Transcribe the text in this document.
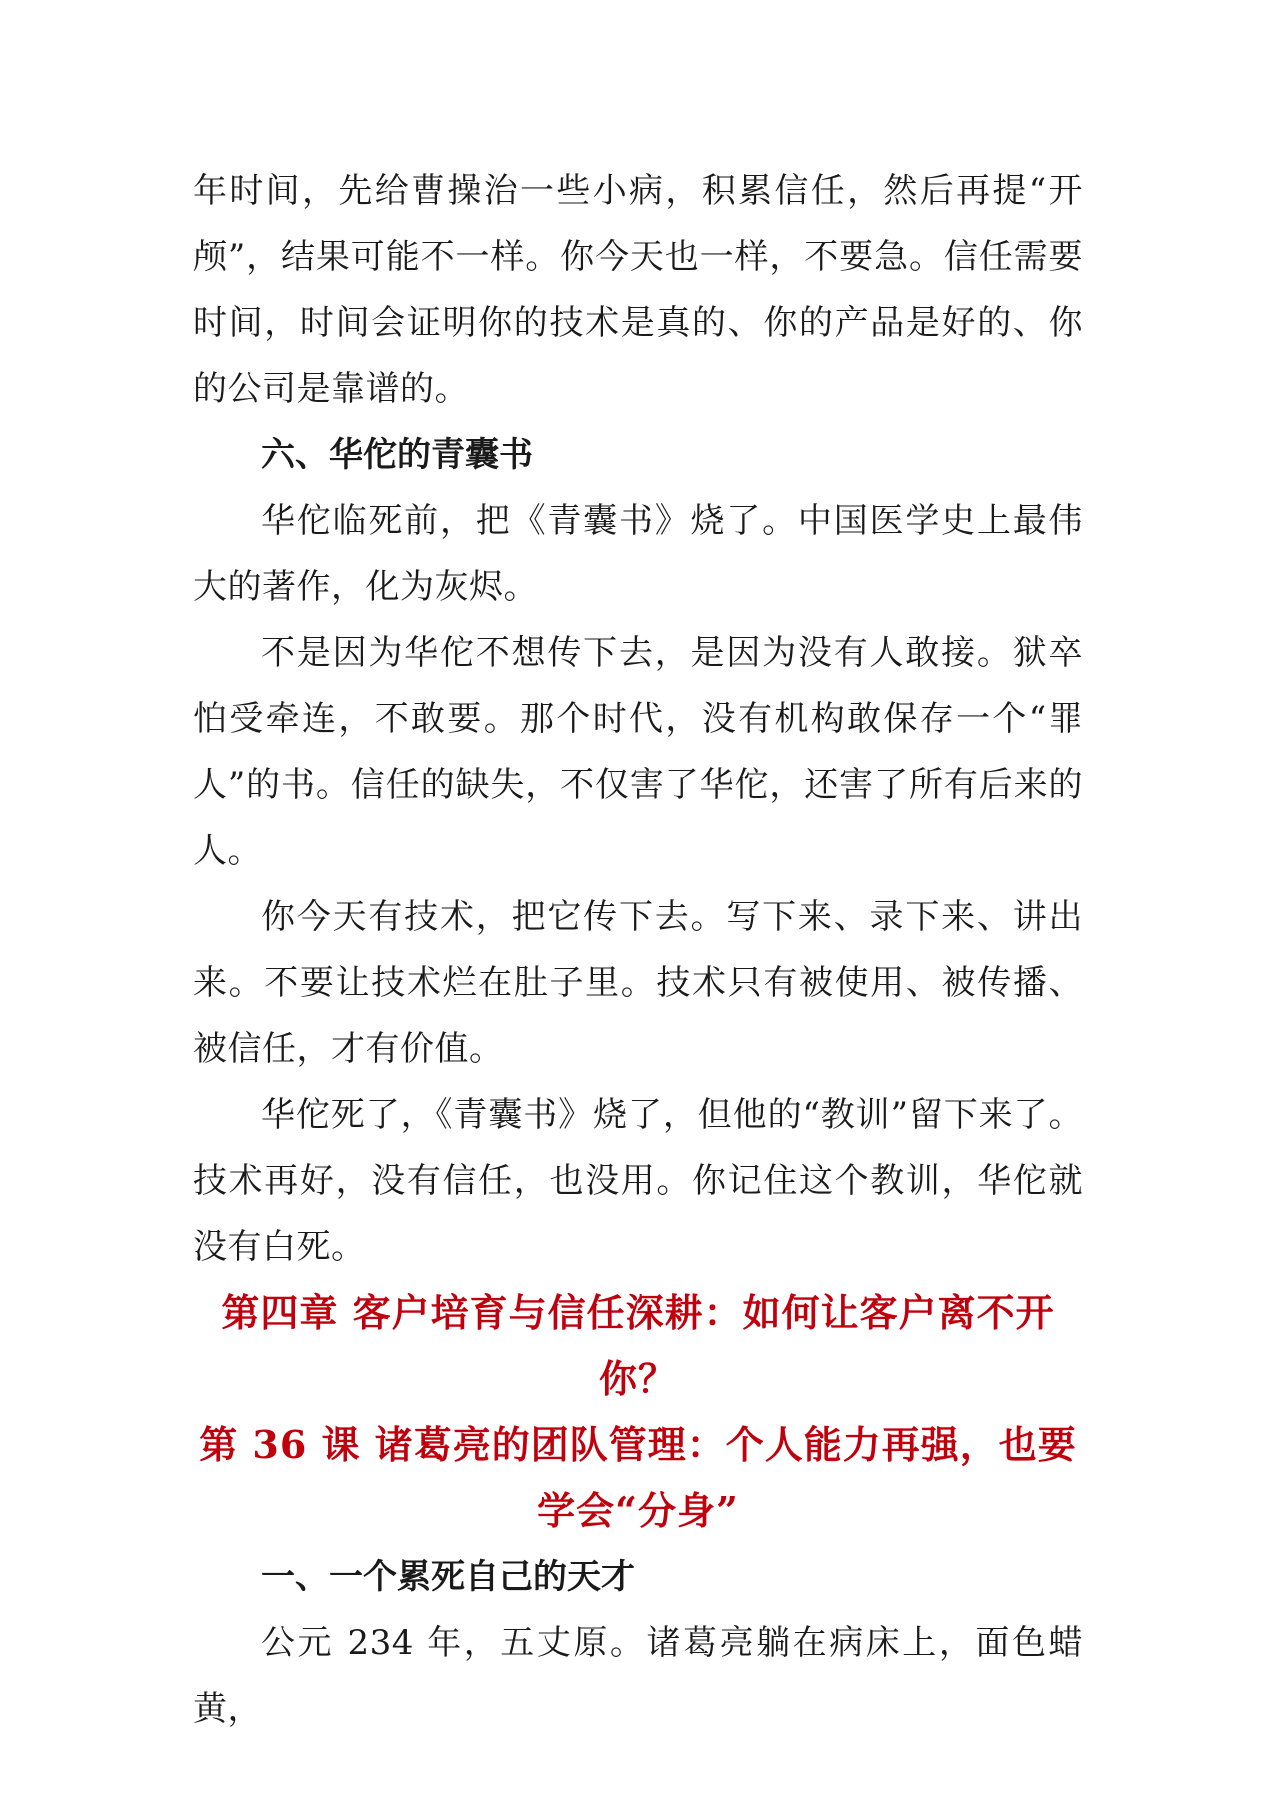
年时间，先给曹操治一些小病，积累信任，然后再提“开颅”，结果可能不一样。你今天也一样，不要急。信任需要时间，时间会证明你的技术是真的、你的产品是好的、你的公司是靠谱的。

六、华佗的青囊书

华佗临死前，把《青囊书》烧了。中国医学史上最伟大的著作，化为灰烬。

不是因为华佗不想传下去，是因为没有人敢接。狱卒怕受牵连，不敢要。那个时代，没有机构敢保存一个“罪人”的书。信任的缺失，不仅害了华佗，还害了所有后来的人。

你今天有技术，把它传下去。写下来、录下来、讲出来。不要让技术烂在肚子里。技术只有被使用、被传播、被信任，才有价值。

华佗死了，《青囊书》烧了，但他的“教训”留下来了。技术再好，没有信任，也没用。你记住这个教训，华佗就没有白死。

第四章 客户培育与信任深耕：如何让客户离不开你？
第 36 课 诸葛亮的团队管理：个人能力再强，也要学会“分身”
一、一个累死自己的天才

公元 234 年，五丈原。诸葛亮躺在病床上，面色蜡黄，
